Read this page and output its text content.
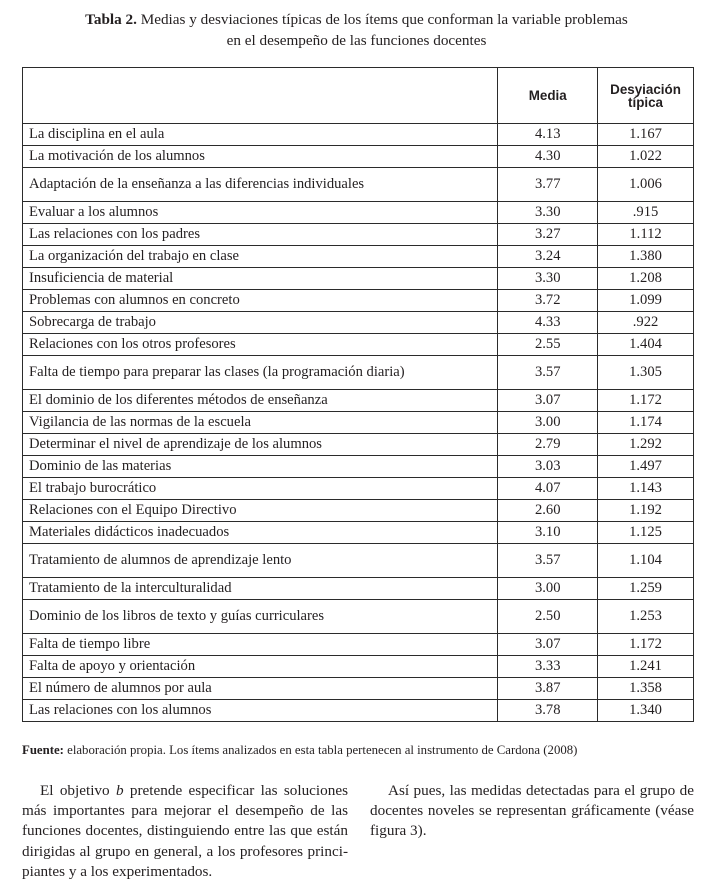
Tabla 2. Medias y desviaciones típicas de los ítems que conforman la variable problemas
en el desempeño de las funciones docentes
	Media	Desyiación
típica

La disciplina en el aula	4.13	1.167
La motivación de los alumnos	4.30	1.022
Adaptación de la enseñanza a las diferencias individuales	3.77	1.006
Evaluar a los alumnos	3.30	.915
Las relaciones con los padres	3.27	1.112
La organización del trabajo en clase	3.24	1.380
Insuficiencia de material	3.30	1.208
Problemas con alumnos en concreto	3.72	1.099
Sobrecarga de trabajo	4.33	.922
Relaciones con los otros profesores	2.55	1.404
Falta de tiempo para preparar las clases (la programación diaria)	3.57	1.305
El dominio de los diferentes métodos de enseñanza	3.07	1.172
Vigilancia de las normas de la escuela	3.00	1.174
Determinar el nivel de aprendizaje de los alumnos	2.79	1.292
Dominio de las materias	3.03	1.497
El trabajo burocrático	4.07	1.143
Relaciones con el Equipo Directivo	2.60	1.192
Materiales didácticos inadecuados	3.10	1.125
Tratamiento de alumnos de aprendizaje lento	3.57	1.104
Tratamiento de la interculturalidad	3.00	1.259
Dominio de los libros de texto y guías curriculares	2.50	1.253
Falta de tiempo libre	3.07	1.172
Falta de apoyo y orientación	3.33	1.241
El número de alumnos por aula	3.87	1.358
Las relaciones con los alumnos	3.78	1.340
Fuente: elaboración propia. Los ítems analizados en esta tabla pertenecen al instrumento de Cardona (2008)
El objetivo b pretende especificar las soluciones más importantes para mejorar el desempeño de las funciones docentes, distinguiendo entre las que están dirigidas al grupo en general, a los profesores principiantes y a los experimentados.
Así pues, las medidas detectadas para el grupo de docentes noveles se representan gráficamente (véase figura 3).
